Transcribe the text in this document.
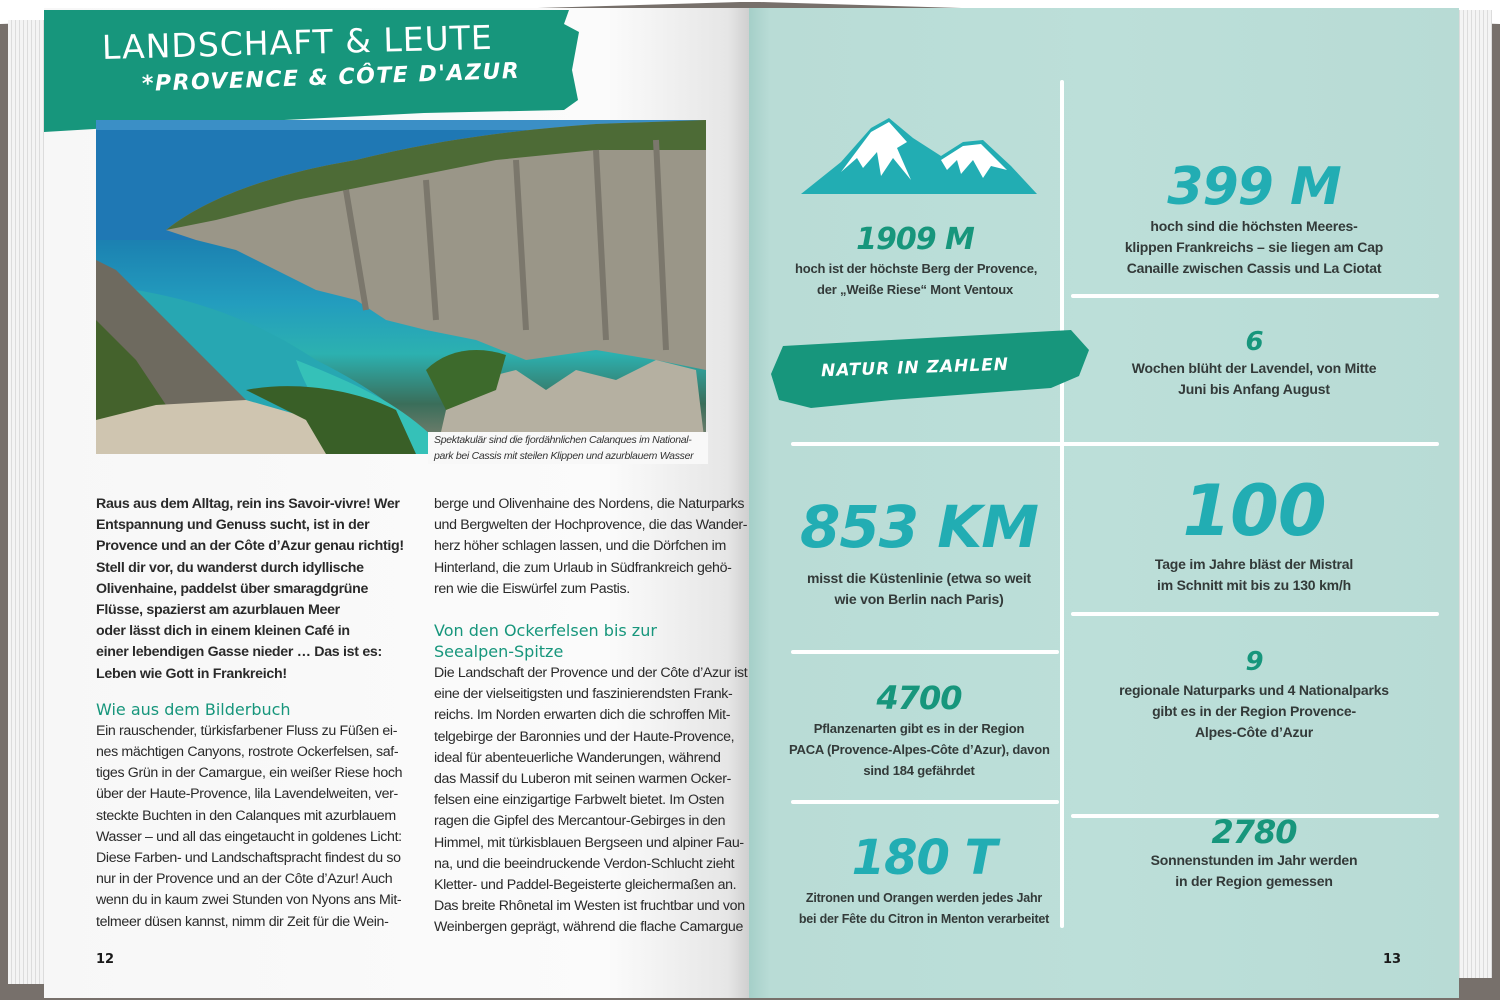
LANDSCHAFT & LEUTE
*PROVENCE & CÔTE D'AZUR
Spektakulär sind die fjordähnlichen Calanques im National-
park bei Cassis mit steilen Klippen und azurblauem Wasser
Raus aus dem Alltag, rein ins Savoir-vivre! Wer
Entspannung und Genuss sucht, ist in der
Provence und an der Côte d’Azur genau richtig!
Stell dir vor, du wanderst durch idyllische
Olivenhaine, paddelst über smaragdgrüne
Flüsse, spazierst am azurblauen Meer
oder lässt dich in einem kleinen Café in
einer lebendigen Gasse nieder … Das ist es:
Leben wie Gott in Frankreich!
Wie aus dem Bilderbuch
Ein rauschender, türkisfarbener Fluss zu Füßen ei-
nes mächtigen Canyons, rostrote Ockerfelsen, saf-
tiges Grün in der Camargue, ein weißer Riese hoch
über der Haute-Provence, lila Lavendelweiten, ver-
steckte Buchten in den Calanques mit azurblauem
Wasser – und all das eingetaucht in goldenes Licht:
Diese Farben- und Landschaftspracht findest du so
nur in der Provence und an der Côte d’Azur! Auch
wenn du in kaum zwei Stunden von Nyons ans Mit-
telmeer düsen kannst, nimm dir Zeit für die Wein-
berge und Olivenhaine des Nordens, die Naturparks
und Bergwelten der Hochprovence, die das Wander-
herz höher schlagen lassen, und die Dörfchen im
Hinterland, die zum Urlaub in Südfrankreich gehö-
ren wie die Eiswürfel zum Pastis.
Von den Ockerfelsen bis zur
Seealpen-Spitze
Die Landschaft der Provence und der Côte d’Azur ist
eine der vielseitigsten und faszinierendsten Frank-
reichs. Im Norden erwarten dich die schroffen Mit-
telgebirge der Baronnies und der Haute-Provence,
ideal für abenteuerliche Wanderungen, während
das Massif du Luberon mit seinen warmen Ocker-
felsen eine einzigartige Farbwelt bietet. Im Osten
ragen die Gipfel des Mercantour-Gebirges in den
Himmel, mit türkisblauen Bergseen und alpiner Fau-
na, und die beeindruckende Verdon-Schlucht zieht
Kletter- und Paddel-Begeisterte gleichermaßen an.
Das breite Rhônetal im Westen ist fruchtbar und von
Weinbergen geprägt, während die flache Camargue
12
1909 M
hoch ist der höchste Berg der Provence,
der „Weiße Riese“ Mont Ventoux
399 M
hoch sind die höchsten Meeres-
klippen Frankreichs – sie liegen am Cap
Canaille zwischen Cassis und La Ciotat
NATUR IN ZAHLEN
6
Wochen blüht der Lavendel, von Mitte
Juni bis Anfang August
853 KM
misst die Küstenlinie (etwa so weit
wie von Berlin nach Paris)
100
Tage im Jahre bläst der Mistral
im Schnitt mit bis zu 130 km/h
4700
Pflanzenarten gibt es in der Region
PACA (Provence-Alpes-Côte d’Azur), davon
sind 184 gefährdet
9
regionale Naturparks und 4 Nationalparks
gibt es in der Region Provence-
Alpes-Côte d’Azur
180 T
Zitronen und Orangen werden jedes Jahr
bei der Fête du Citron in Menton verarbeitet
2780
Sonnenstunden im Jahr werden
in der Region gemessen
13
